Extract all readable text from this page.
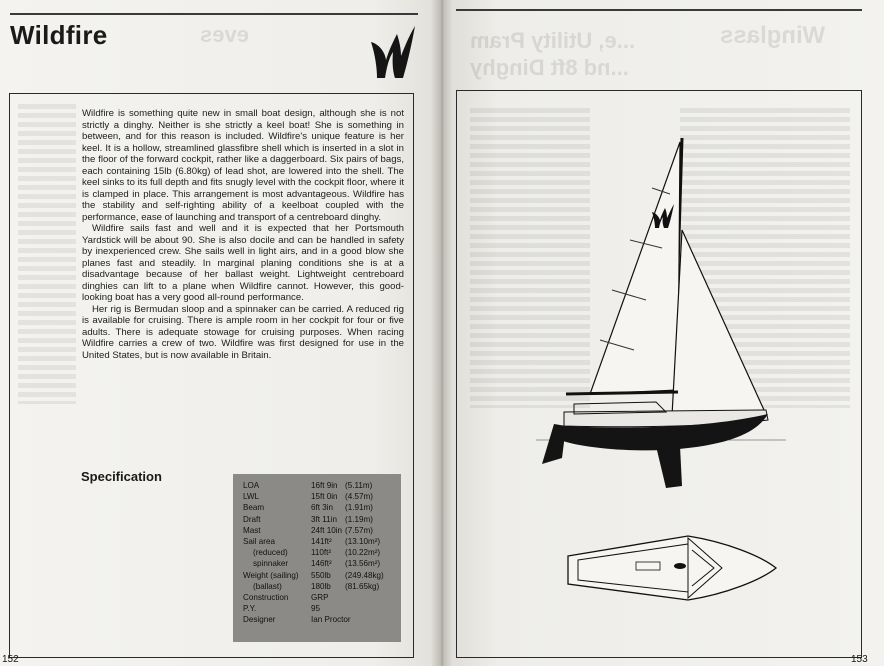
eves
Wildfire

Wildfire is something quite new in small boat design, although she is not strictly a dinghy. Neither is she strictly a keel boat! She is something in between, and for this reason is included. Wildfire's unique feature is her keel. It is a hollow, streamlined glassfibre shell which is inserted in a slot in the floor of the forward cockpit, rather like a daggerboard. Six pairs of bags, each containing 15lb (6.80kg) of lead shot, are lowered into the shell. The keel sinks to its full depth and fits snugly level with the cockpit floor, where it is clamped in place. This arrangement is most advantageous. Wildfire has the stability and self-righting ability of a keelboat coupled with the performance, ease of launching and transport of a centreboard dinghy.

Wildfire sails fast and well and it is expected that her Portsmouth Yardstick will be about 90. She is also docile and can be handled in safety by inexperienced crew. She sails well in light airs, and in a good blow she planes fast and steadily. In marginal planing conditions she is at a disadvantage because of her ballast weight. Lightweight centreboard dinghies can lift to a plane when Wildfire cannot. However, this good-looking boat has a very good all-round performance.

Her rig is Bermudan sloop and a spinnaker can be carried. A reduced rig is available for cruising. There is ample room in her cockpit for four or five adults. There is adequate stowage for cruising purposes. When racing Wildfire carries a crew of two. Wildfire was first designed for use in the United States, but is now available in Britain.

Specification
LOA	16ft 9in (5.11m)
LWL	15ft 0in (4.57m)
Beam	6ft 3in	(1.91m)
Draft	3ft 11in (1.19m)
Mast	24ft 10in (7.57m)
Sail area	141ft²	(13.10m²)
(reduced)	110ft²	(10.22m²)
spinnaker	146ft²	(13.56m²)
Weight (sailing)	550lb	(249.48kg)
(ballast)	180lb	(81.65kg)
Construction	GRP
P.Y.	95
Designer	Ian Proctor
152
Winglass
...e, Utility Pram
...nd 8ft Dinghy
153
